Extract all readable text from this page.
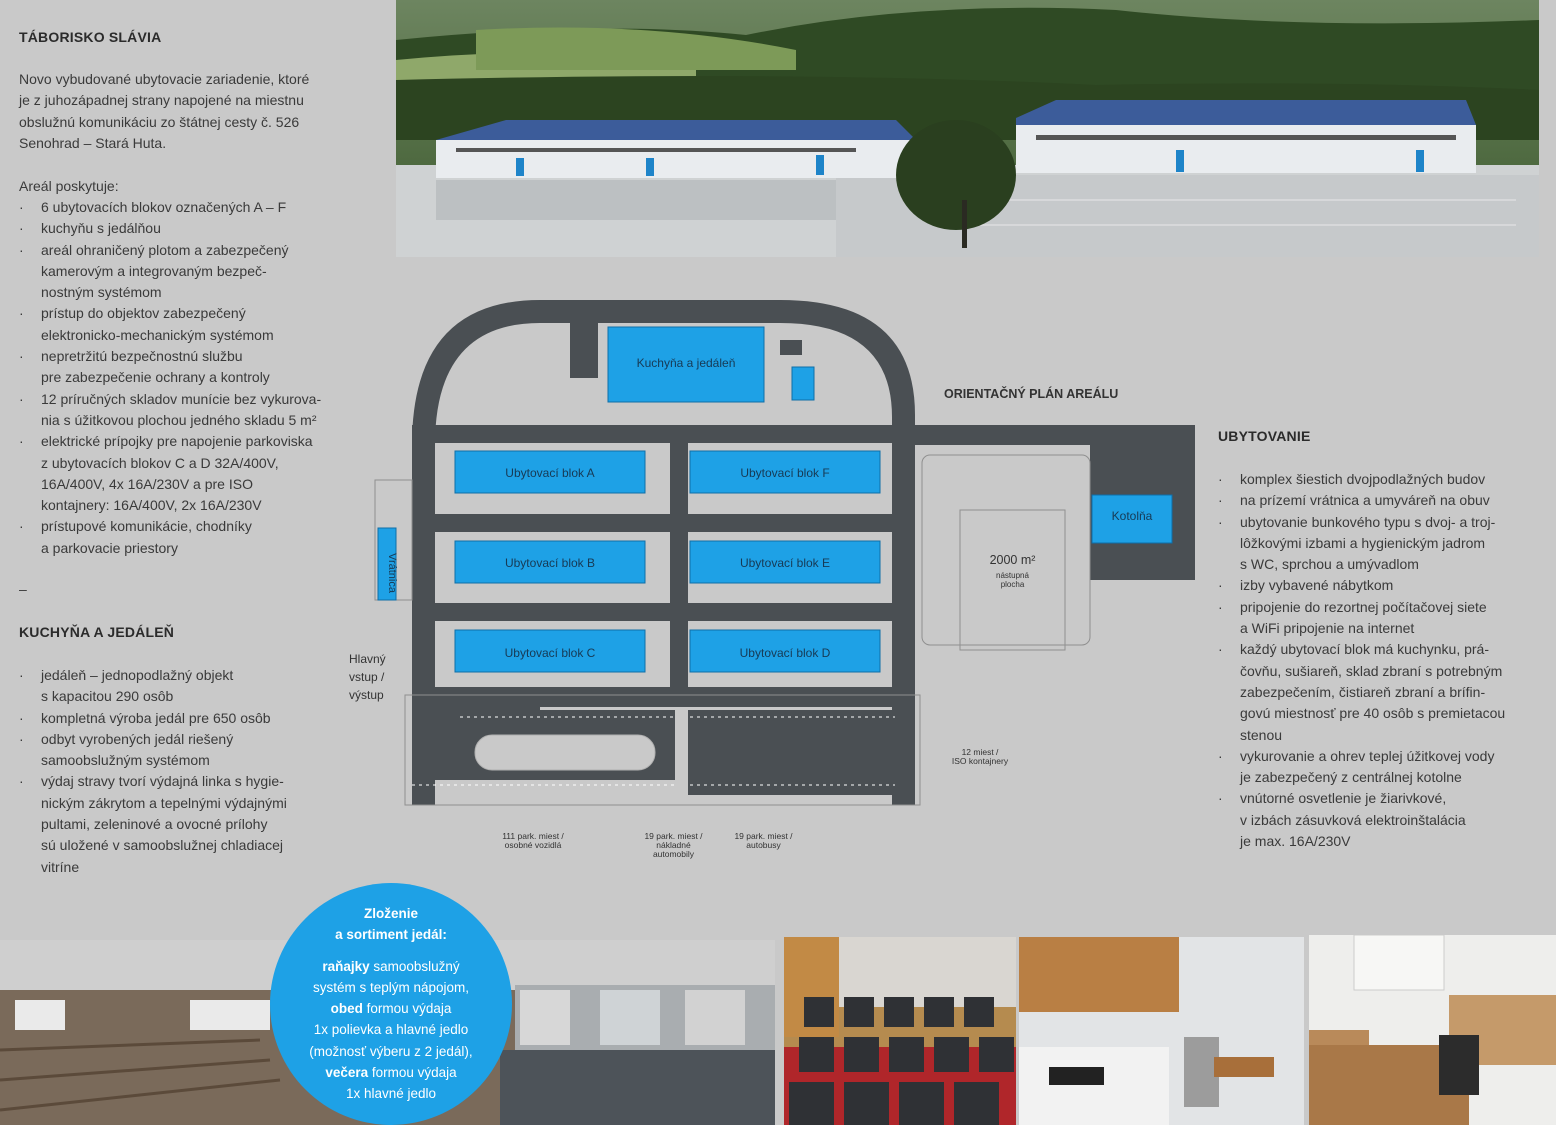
TÁBORISKO SLÁVIA
Novo vybudované ubytovacie zariadenie, ktoré
je z juhozápadnej strany napojené na miestnu
obslužnú komunikáciu zo štátnej cesty č. 526
Senohrad – Stará Huta.
Areál poskytuje:
· 6 ubytovacích blokov označených A – F
· kuchyňu s jedálňou
· areál ohraničený plotom a zabezpečený
kamerovým a integrovaným bezpeč-
nostným systémom
· prístup do objektov zabezpečený
elektronicko-mechanickým systémom
· nepretržitú bezpečnostnú službu
pre zabezpečenie ochrany a kontroly
· 12 príručných skladov munície bez vykurova-
nia s úžitkovou plochou jedného skladu 5 m²
· elektrické prípojky pre napojenie parkoviska
z ubytovacích blokov C a D 32A/400V,
16A/400V, 4x 16A/230V a pre ISO
kontajnery: 16A/400V, 2x 16A/230V
· prístupové komunikácie, chodníky
a parkovacie priestory
–
KUCHYŇA A JEDÁLEŇ
· jedáleň – jednopodlažný objekt
s kapacitou 290 osôb
· kompletná výroba jedál pre 650 osôb
· odbyt vyrobených jedál riešený
samoobslužným systémom
· výdaj stravy tvorí výdajná linka s hygie-
nickým zákrytom a tepelnými výdajnými
pultami, zeleninové a ovocné prílohy
sú uložené v samoobslužnej chladiacej
vitríne
UBYTOVANIE
· komplex šiestich dvojpodlažných budov
· na prízemí vrátnica a umyváreň na obuv
· ubytovanie bunkového typu s dvoj- a troj-
lôžkovými izbami a hygienickým jadrom
s WC, sprchou a umývadlom
· izby vybavené nábytkom
· pripojenie do rezortnej počítačovej siete
a WiFi pripojenie na internet
· každý ubytovací blok má kuchynku, prá-
čovňu, sušiareň, sklad zbraní s potrebným
zabezpečením, čistiareň zbraní a brífin-
govú miestnosť pre 40 osôb s premietacou
stenou
· vykurovanie a ohrev teplej úžitkovej vody
je zabezpečený z centrálnej kotolne
· vnútorné osvetlenie je žiarivkové,
v izbách zásuvková elektroinštalácia
je max. 16A/230V
Kuchyňa a jedáleň
Ubytovací blok A	Ubytovací blok F
Ubytovací blok B	Ubytovací blok E
Ubytovací blok C	Ubytovací blok D
Kotolňa
Vrátnica
ORIENTAČNÝ PLÁN AREÁLU
2000 m²
nástupná
plocha
Hlavný
vstup /
výstup
111 park. miest /
osobné vozidlá
19 park. miest /
nákladné
automobily
19 park. miest /
autobusy
12 miest /
ISO kontajnery
Zloženie
a sortiment jedál:
raňajky samoobslužný
systém s teplým nápojom,
obed formou výdaja
1x polievka a hlavné jedlo
(možnosť výberu z 2 jedál),
večera formou výdaja
1x hlavné jedlo
